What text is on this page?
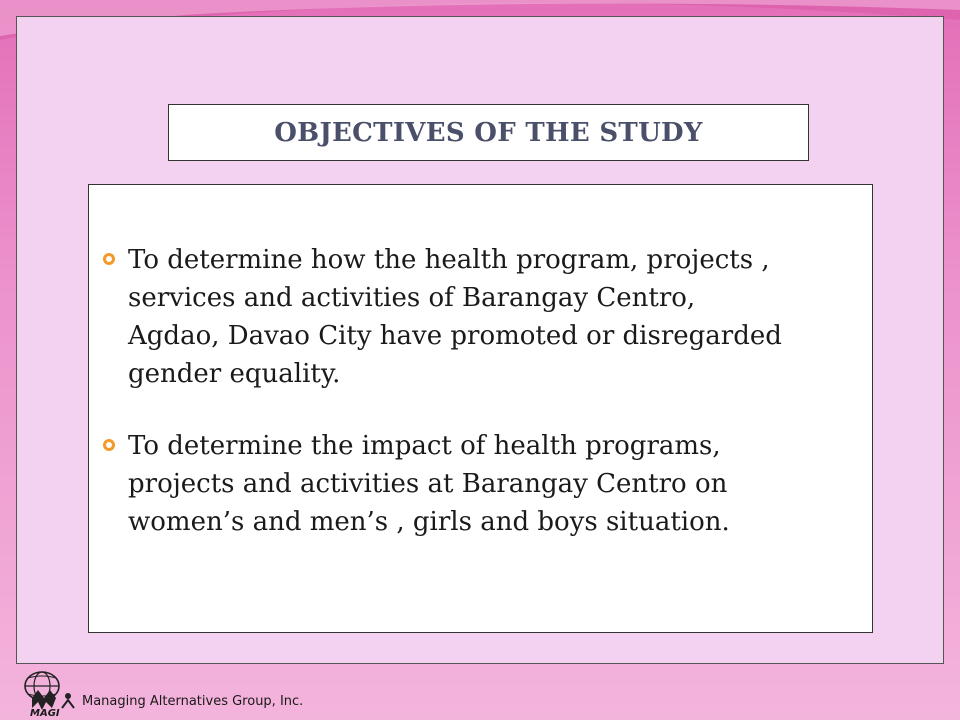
OBJECTIVES OF THE STUDY
To determine how the health program, projects ,
services and activities of Barangay Centro,
Agdao, Davao City have promoted or disregarded
gender equality.
To determine the impact of health programs,
projects and activities at Barangay Centro on
women’s and men’s , girls and boys situation.
MAGI
Managing Alternatives Group, Inc.
